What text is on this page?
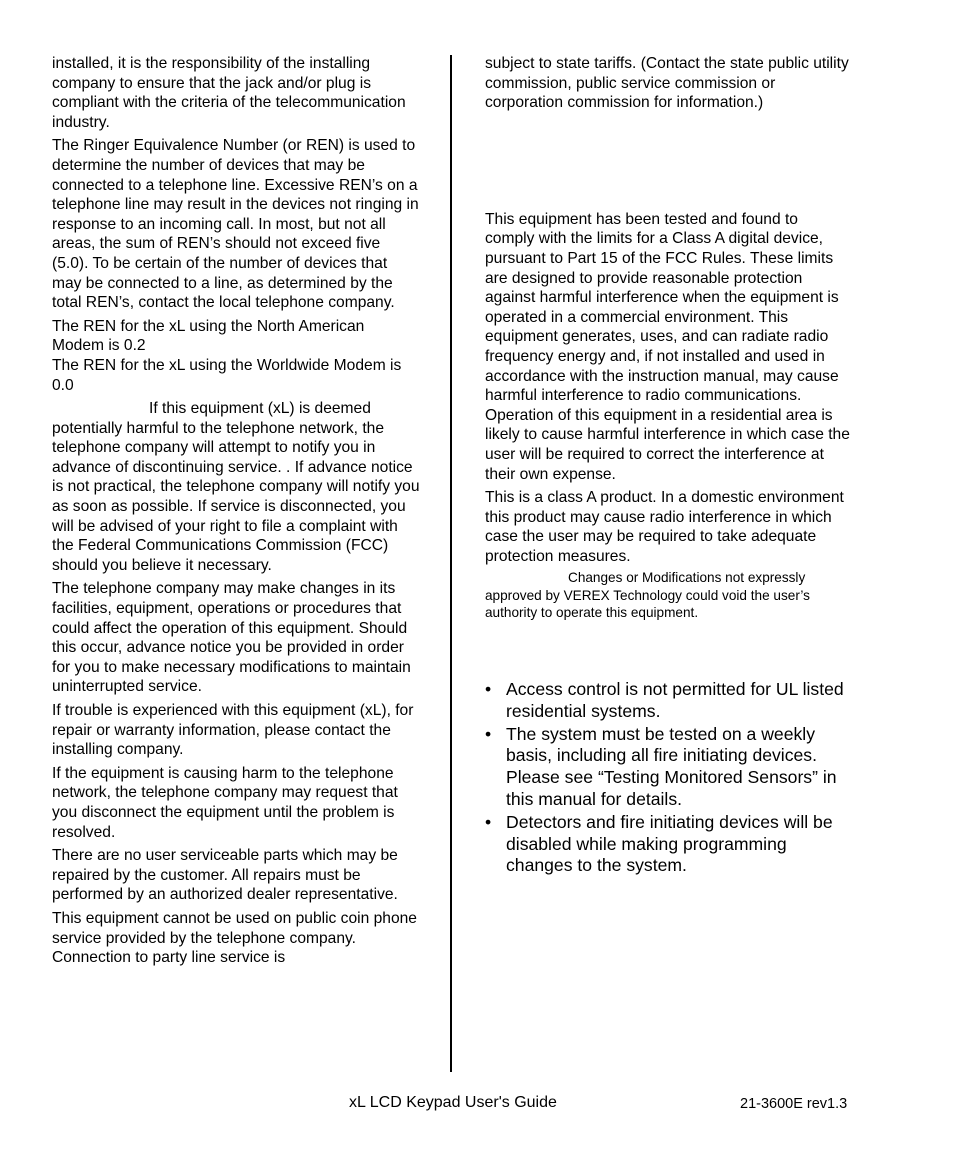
installed, it is the responsibility of the installing company to ensure that the jack and/or plug is compliant with the criteria of the telecommunication industry.

The Ringer Equivalence Number (or REN) is used to determine the number of devices that may be connected to a telephone line. Excessive REN’s on a telephone line may result in the devices not ringing in response to an incoming call. In most, but not all areas, the sum of REN’s should not exceed five (5.0). To be certain of the number of devices that may be connected to a line, as determined by the total REN’s, contact the local telephone company.

The REN for the xL using the North American Modem is 0.2

The REN for the xL using the Worldwide Modem is 0.0

If this equipment (xL) is deemed potentially harmful to the telephone network, the telephone company will attempt to notify you in advance of discontinuing service. . If advance notice is not practical, the telephone company will notify you as soon as possible. If service is disconnected, you will be advised of your right to file a complaint with the Federal Communications Commission (FCC) should you believe it necessary.

The telephone company may make changes in its facilities, equipment, operations or procedures that could affect the operation of this equipment. Should this occur, advance notice you be provided in order for you to make necessary modifications to maintain uninterrupted service.

If trouble is experienced with this equipment (xL), for repair or warranty information, please contact the installing company.

If the equipment is causing harm to the telephone network, the telephone company may request that you disconnect the equipment until the problem is resolved.

There are no user serviceable parts which may be repaired by the customer. All repairs must be performed by an authorized dealer representative.

This equipment cannot be used on public coin phone service provided by the telephone company. Connection to party line service is

subject to state tariffs. (Contact the state public utility commission, public service commission or corporation commission for information.)

This equipment has been tested and found to comply with the limits for a Class A digital device, pursuant to Part 15 of the FCC Rules. These limits are designed to provide reasonable protection against harmful interference when the equipment is operated in a commercial environment. This equipment generates, uses, and can radiate radio frequency energy and, if not installed and used in accordance with the instruction manual, may cause harmful interference to radio communications. Operation of this equipment in a residential area is likely to cause harmful interference in which case the user will be required to correct the interference at their own expense.

This is a class A product. In a domestic environment this product may cause radio interference in which case the user may be required to take adequate protection measures.

Changes or Modifications not expressly approved by VEREX Technology could void the user’s authority to operate this equipment.

• Access control is not permitted for UL listed residential systems.
• The system must be tested on a weekly basis, including all fire initiating devices. Please see “Testing Monitored Sensors” in this manual for details.
• Detectors and fire initiating devices will be disabled while making programming changes to the system.
xL LCD Keypad User's Guide	21-3600E rev1.3
